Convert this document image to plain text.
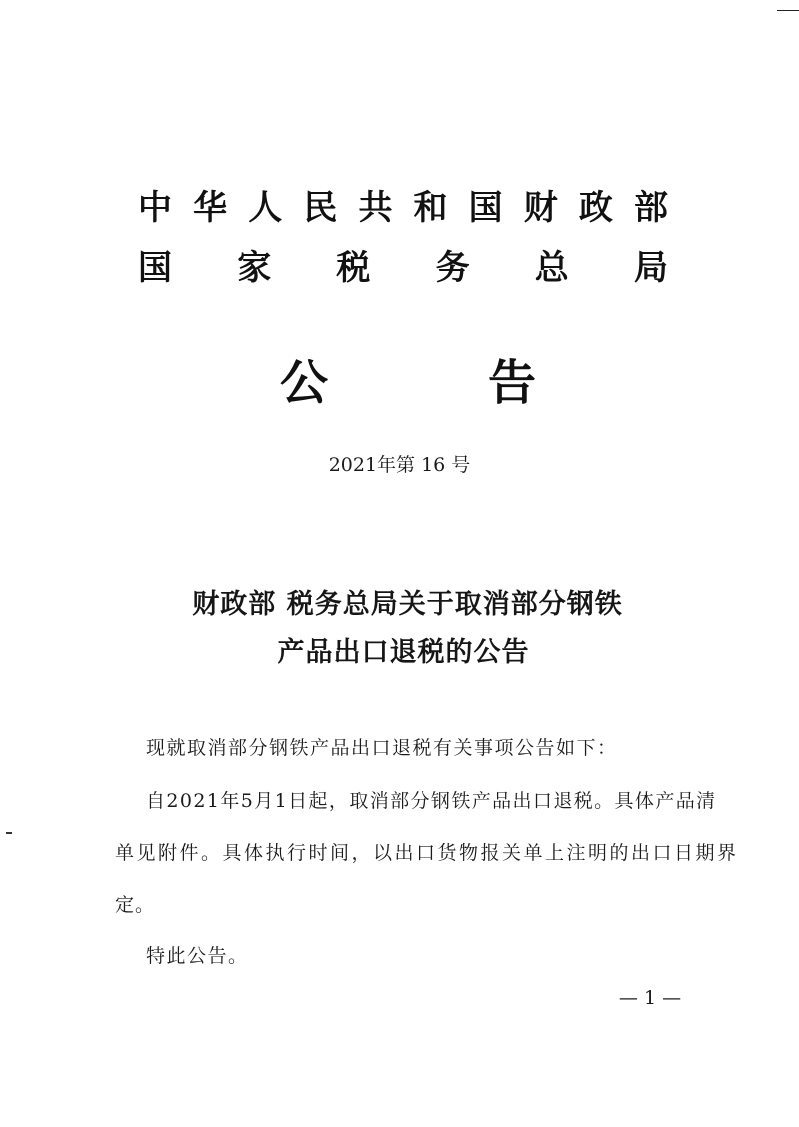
中 华 人 民 共 和 国 财 政 部
国 家 税 务 总 局
公	告
2021年第 16 号
财政部 税务总局关于取消部分钢铁
产品出口退税的公告
现就取消部分钢铁产品出口退税有关事项公告如下：
自2021年5月1日起，取消部分钢铁产品出口退税。具体产品清
单见附件。具体执行时间，以出口货物报关单上注明的出口日期界
定。
特此公告。
— 1 —
